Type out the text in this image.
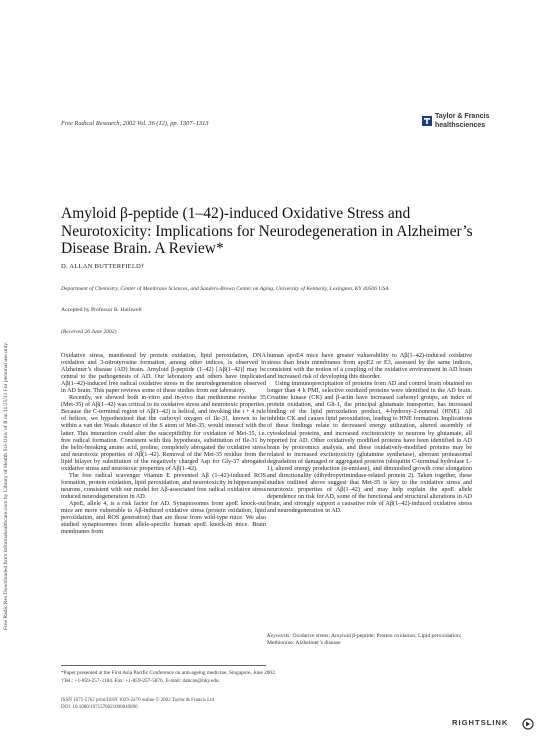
Free Radic Res Downloaded from informahealthcare.com by Library of Health Sci-Univ of Il on 11/25/11 For personal use only.
Free Radical Research, 2002 Vol. 36 (12), pp. 1307–1313
Taylor & Francis
healthsciences
Amyloid β-peptide (1–42)-induced Oxidative Stress and Neurotoxicity: Implications for Neurodegeneration in Alzheimer’s Disease Brain. A Review*
D. ALLAN BUTTERFIELD†
Department of Chemistry, Center of Membrane Sciences, and Sanders-Brown Center on Aging, University of Kentucky, Lexington, KY 40506 USA
Accepted by Professor B. Halliwell
(Received 26 June 2002)

Oxidative stress, manifested by protein oxidation, lipid peroxidation, DNA oxidation and 3-nitrotyrosine formation, among other indices, is observed in Alzheimer’s disease (AD) brain. Amyloid β-peptide (1–42) [Aβ(1–42)] may be central to the pathogenesis of AD. Our laboratory and others have implicated Aβ(1–42)-induced free radical oxidative stress in the neurodegeneration observed in AD brain. This paper reviews some of these studies from our laboratory.

Recently, we showed both in-vitro and in-vivo that methionine residue 35 (Met-35) of Aβ(1–42) was critical to its oxidative stress and neurotoxic properties. Because the C-terminal region of Aβ(1–42) is helical, and invoking the i + 4 rule of helices, we hypothesized that the carboxyl oxygen of Ile-31, known to be within a van der Waals distance of the S atom of Met-35, would interact with the latter. This interaction could alter the susceptibility for oxidation of Met-35, i.e. free radical formation. Consistent with this hypothesis, substitution of Ile-31 by the helix-breaking amino acid, proline, completely abrogated the oxidative stress and neurotoxic properties of Aβ(1–42). Removal of the Met-35 residue from the lipid bilayer by substitution of the negatively charged Asp for Gly-37 abrogated oxidative stress and neurotoxic properties of Aβ(1–42).

The free radical scavenger vitamin E prevented Aβ (1–42)-induced ROS formation, protein oxidation, lipid peroxidation, and neurotoxicity in hippocampal neurons, consistent with our model for Aβ-associated free radical oxidative stress induced neurodegeneration in AD.

ApoE, allele 4, is a risk factor for AD. Synaptosomes from apoE knock-out mice are more vulnerable to Aβ-induced oxidative stress (protein oxidation, lipid peroxidation, and ROS generation) than are those from wild-type mice. We also studied synaptosomes from allele-specific human apoE knock-in mice. Brain membranes from

human apoE4 mice have greater vulnerability to Aβ(1–42)-induced oxidative stress than brain membranes from apoE2 or E3, assessed by the same indices, consistent with the notion of a coupling of the oxidative environment in AD brain and increased risk of developing this disorder.

Using immunoprecipitation of proteins from AD and control brain obtained no longer than 4 h PMI, selective oxidized proteins were identified in the AD brain. Creatine kinase (CK) and β-actin have increased carbonyl groups, an index of protein oxidation, and Glt-1, the principal glutamate transporter, has increased binding of the lipid peroxidation product, 4-hydroxy-2-nonenal (HNE). Aβ inhibits CK and causes lipid peroxidation, leading to HNE formation. Implications of these findings relate to decreased energy utilization, altered assembly of cytoskeletal proteins, and increased excitotoxicity to neurons by glutamate, all reported for AD. Other oxidatively modified proteins have been identified in AD brain by proteomics analysis, and these oxidatively-modified proteins may be related to increased excitotoxicity (glutamine synthetase), aberrant proteasomal degradation of damaged or aggregated proteins (ubiquitin C-terminal hydrolase L-1), altered energy production (α-enolase), and diminished growth cone elongation and directionality (dihydropyrimindase-related protein 2). Taken together, these studies outlined above suggest that Met-35 is key to the oxidative stress and neurotoxic properties of Aβ(1–42) and may help explain the apoE allele dependence on risk for AD, some of the functional and structural alterations in AD brain, and strongly support a causative role of Aβ(1–42)-induced oxidative stress and neurodegeneration in AD.

Keywords: Oxidative stress; Amyloid β-peptide; Protein oxidation; Lipid peroxidation; Methionine; Alzheimer’s disease
*Paper presented at the First Asia Pacific Conference on anti-ageing medicine, Singapore, June 2002.
†Tel.: +1-859-257-3184. Fax: +1-859-257-5876. E-mail: dabcns@uky.edu
ISSN 1071-5762 print/ISSN 1029-2470 online © 2002 Taylor & Francis Ltd
DOI: 10.1080/1071576021000049890
RIGHTSLINK
